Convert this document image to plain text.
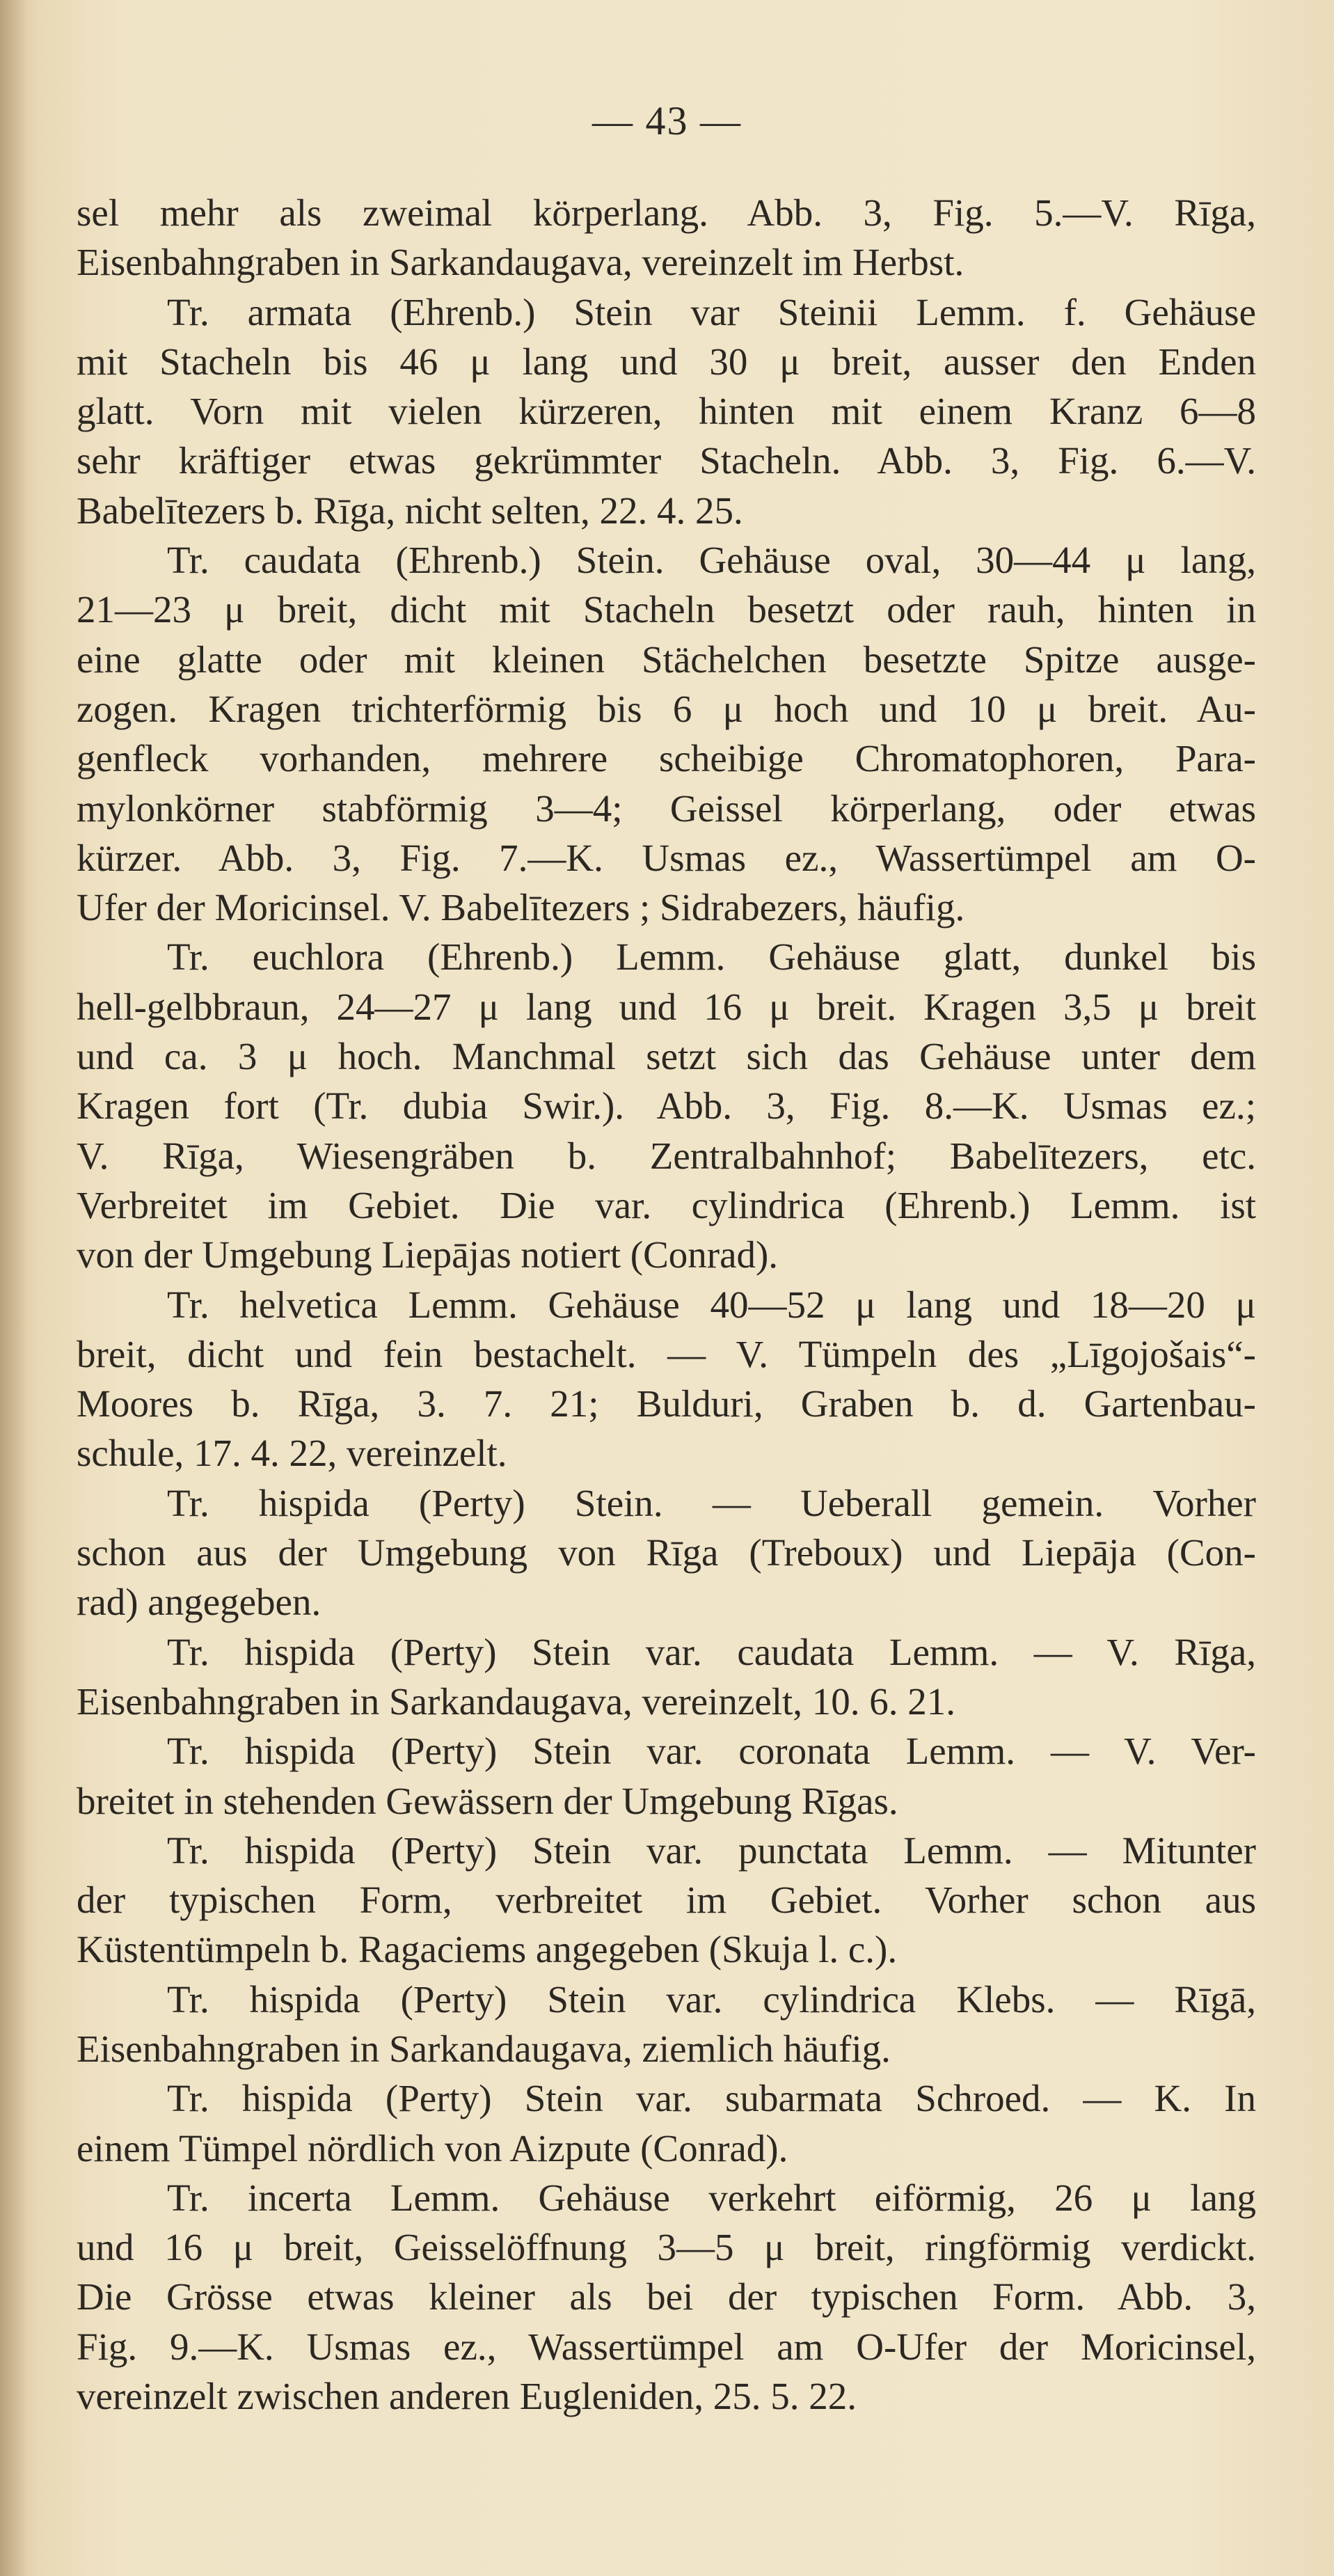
— 43 —
sel mehr als zweimal körperlang. Abb. 3, Fig. 5.—V. Rīga,
Eisenbahngraben in Sarkandaugava, vereinzelt im Herbst.
Tr. armata (Ehrenb.) Stein var Steinii Lemm. f. Gehäuse
mit Stacheln bis 46 μ lang und 30 μ breit, ausser den Enden
glatt. Vorn mit vielen kürzeren, hinten mit einem Kranz 6—8
sehr kräftiger etwas gekrümmter Stacheln. Abb. 3, Fig. 6.—V.
Babelītezers b. Rīga, nicht selten, 22. 4. 25.
Tr. caudata (Ehrenb.) Stein. Gehäuse oval, 30—44 μ lang,
21—23 μ breit, dicht mit Stacheln besetzt oder rauh, hinten in
eine glatte oder mit kleinen Stächelchen besetzte Spitze ausge-
zogen. Kragen trichterförmig bis 6 μ hoch und 10 μ breit. Au-
genfleck vorhanden, mehrere scheibige Chromatophoren, Para-
mylonkörner stabförmig 3—4; Geissel körperlang, oder etwas
kürzer. Abb. 3, Fig. 7.—K. Usmas ez., Wassertümpel am O-
Ufer der Moricinsel. V. Babelītezers ; Sidrabezers, häufig.
Tr. euchlora (Ehrenb.) Lemm. Gehäuse glatt, dunkel bis
hell-gelbbraun, 24—27 μ lang und 16 μ breit. Kragen 3,5 μ breit
und ca. 3 μ hoch. Manchmal setzt sich das Gehäuse unter dem
Kragen fort (Tr. dubia Swir.). Abb. 3, Fig. 8.—K. Usmas ez.;
V. Rīga, Wiesengräben b. Zentralbahnhof; Babelītezers, etc.
Verbreitet im Gebiet. Die var. cylindrica (Ehrenb.) Lemm. ist
von der Umgebung Liepājas notiert (Conrad).
Tr. helvetica Lemm. Gehäuse 40—52 μ lang und 18—20 μ
breit, dicht und fein bestachelt. — V. Tümpeln des „Līgojošais“-
Moores b. Rīga, 3. 7. 21; Bulduri, Graben b. d. Gartenbau-
schule, 17. 4. 22, vereinzelt.
Tr. hispida (Perty) Stein. — Ueberall gemein. Vorher
schon aus der Umgebung von Rīga (Treboux) und Liepāja (Con-
rad) angegeben.
Tr. hispida (Perty) Stein var. caudata Lemm. — V. Rīga,
Eisenbahngraben in Sarkandaugava, vereinzelt, 10. 6. 21.
Tr. hispida (Perty) Stein var. coronata Lemm. — V. Ver-
breitet in stehenden Gewässern der Umgebung Rīgas.
Tr. hispida (Perty) Stein var. punctata Lemm. — Mitunter
der typischen Form, verbreitet im Gebiet. Vorher schon aus
Küstentümpeln b. Ragaciems angegeben (Skuja l. c.).
Tr. hispida (Perty) Stein var. cylindrica Klebs. — Rīgā,
Eisenbahngraben in Sarkandaugava, ziemlich häufig.
Tr. hispida (Perty) Stein var. subarmata Schroed. — K. In
einem Tümpel nördlich von Aizpute (Conrad).
Tr. incerta Lemm. Gehäuse verkehrt eiförmig, 26 μ lang
und 16 μ breit, Geisselöffnung 3—5 μ breit, ringförmig verdickt.
Die Grösse etwas kleiner als bei der typischen Form. Abb. 3,
Fig. 9.—K. Usmas ez., Wassertümpel am O-Ufer der Moricinsel,
vereinzelt zwischen anderen Eugleniden, 25. 5. 22.
